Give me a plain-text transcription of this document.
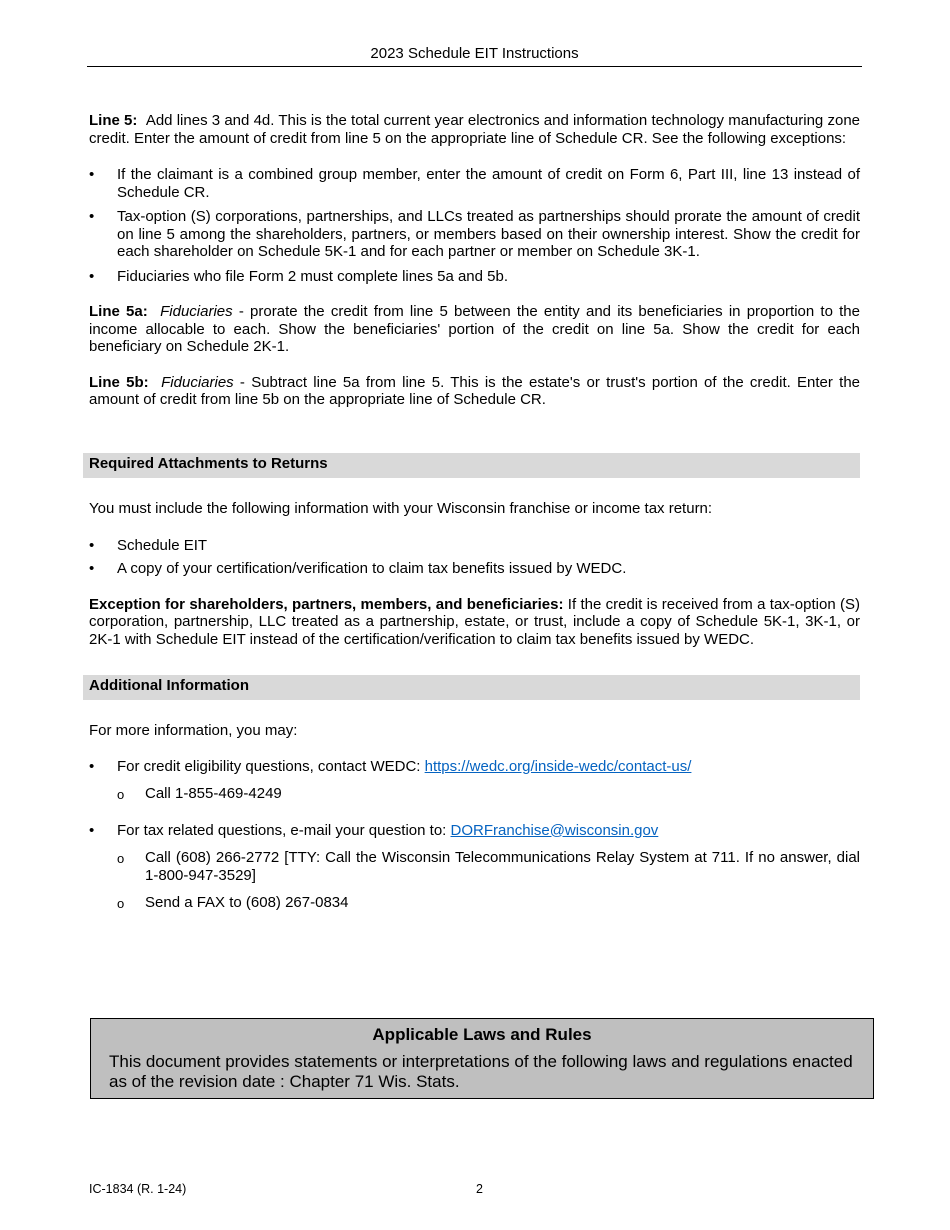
2023 Schedule EIT Instructions

Line 5: Add lines 3 and 4d. This is the total current year electronics and information technology manufacturing zone credit. Enter the amount of credit from line 5 on the appropriate line of Schedule CR. See the following exceptions:

• If the claimant is a combined group member, enter the amount of credit on Form 6, Part III, line 13 instead of Schedule CR.

• Tax-option (S) corporations, partnerships, and LLCs treated as partnerships should prorate the amount of credit on line 5 among the shareholders, partners, or members based on their ownership interest. Show the credit for each shareholder on Schedule 5K-1 and for each partner or member on Schedule 3K-1.

• Fiduciaries who file Form 2 must complete lines 5a and 5b.

Line 5a: Fiduciaries - prorate the credit from line 5 between the entity and its beneficiaries in proportion to the income allocable to each. Show the beneficiaries' portion of the credit on line 5a. Show the credit for each beneficiary on Schedule 2K-1.

Line 5b: Fiduciaries - Subtract line 5a from line 5. This is the estate's or trust's portion of the credit. Enter the amount of credit from line 5b on the appropriate line of Schedule CR.

Required Attachments to Returns

You must include the following information with your Wisconsin franchise or income tax return:

• Schedule EIT

• A copy of your certification/verification to claim tax benefits issued by WEDC.

Exception for shareholders, partners, members, and beneficiaries: If the credit is received from a tax-option (S) corporation, partnership, LLC treated as a partnership, estate, or trust, include a copy of Schedule 5K-1, 3K-1, or 2K-1 with Schedule EIT instead of the certification/verification to claim tax benefits issued by WEDC.

Additional Information

For more information, you may:

• For credit eligibility questions, contact WEDC: https://wedc.org/inside-wedc/contact-us/

o Call 1-855-469-4249

• For tax related questions, e-mail your question to: DORFranchise@wisconsin.gov

o Call (608) 266-2772 [TTY: Call the Wisconsin Telecommunications Relay System at 711. If no answer, dial 1-800-947-3529]

o Send a FAX to (608) 267-0834

Applicable Laws and Rules
This document provides statements or interpretations of the following laws and regulations enacted as of the revision date : Chapter 71 Wis. Stats.
IC-1834 (R. 1-24)	2
